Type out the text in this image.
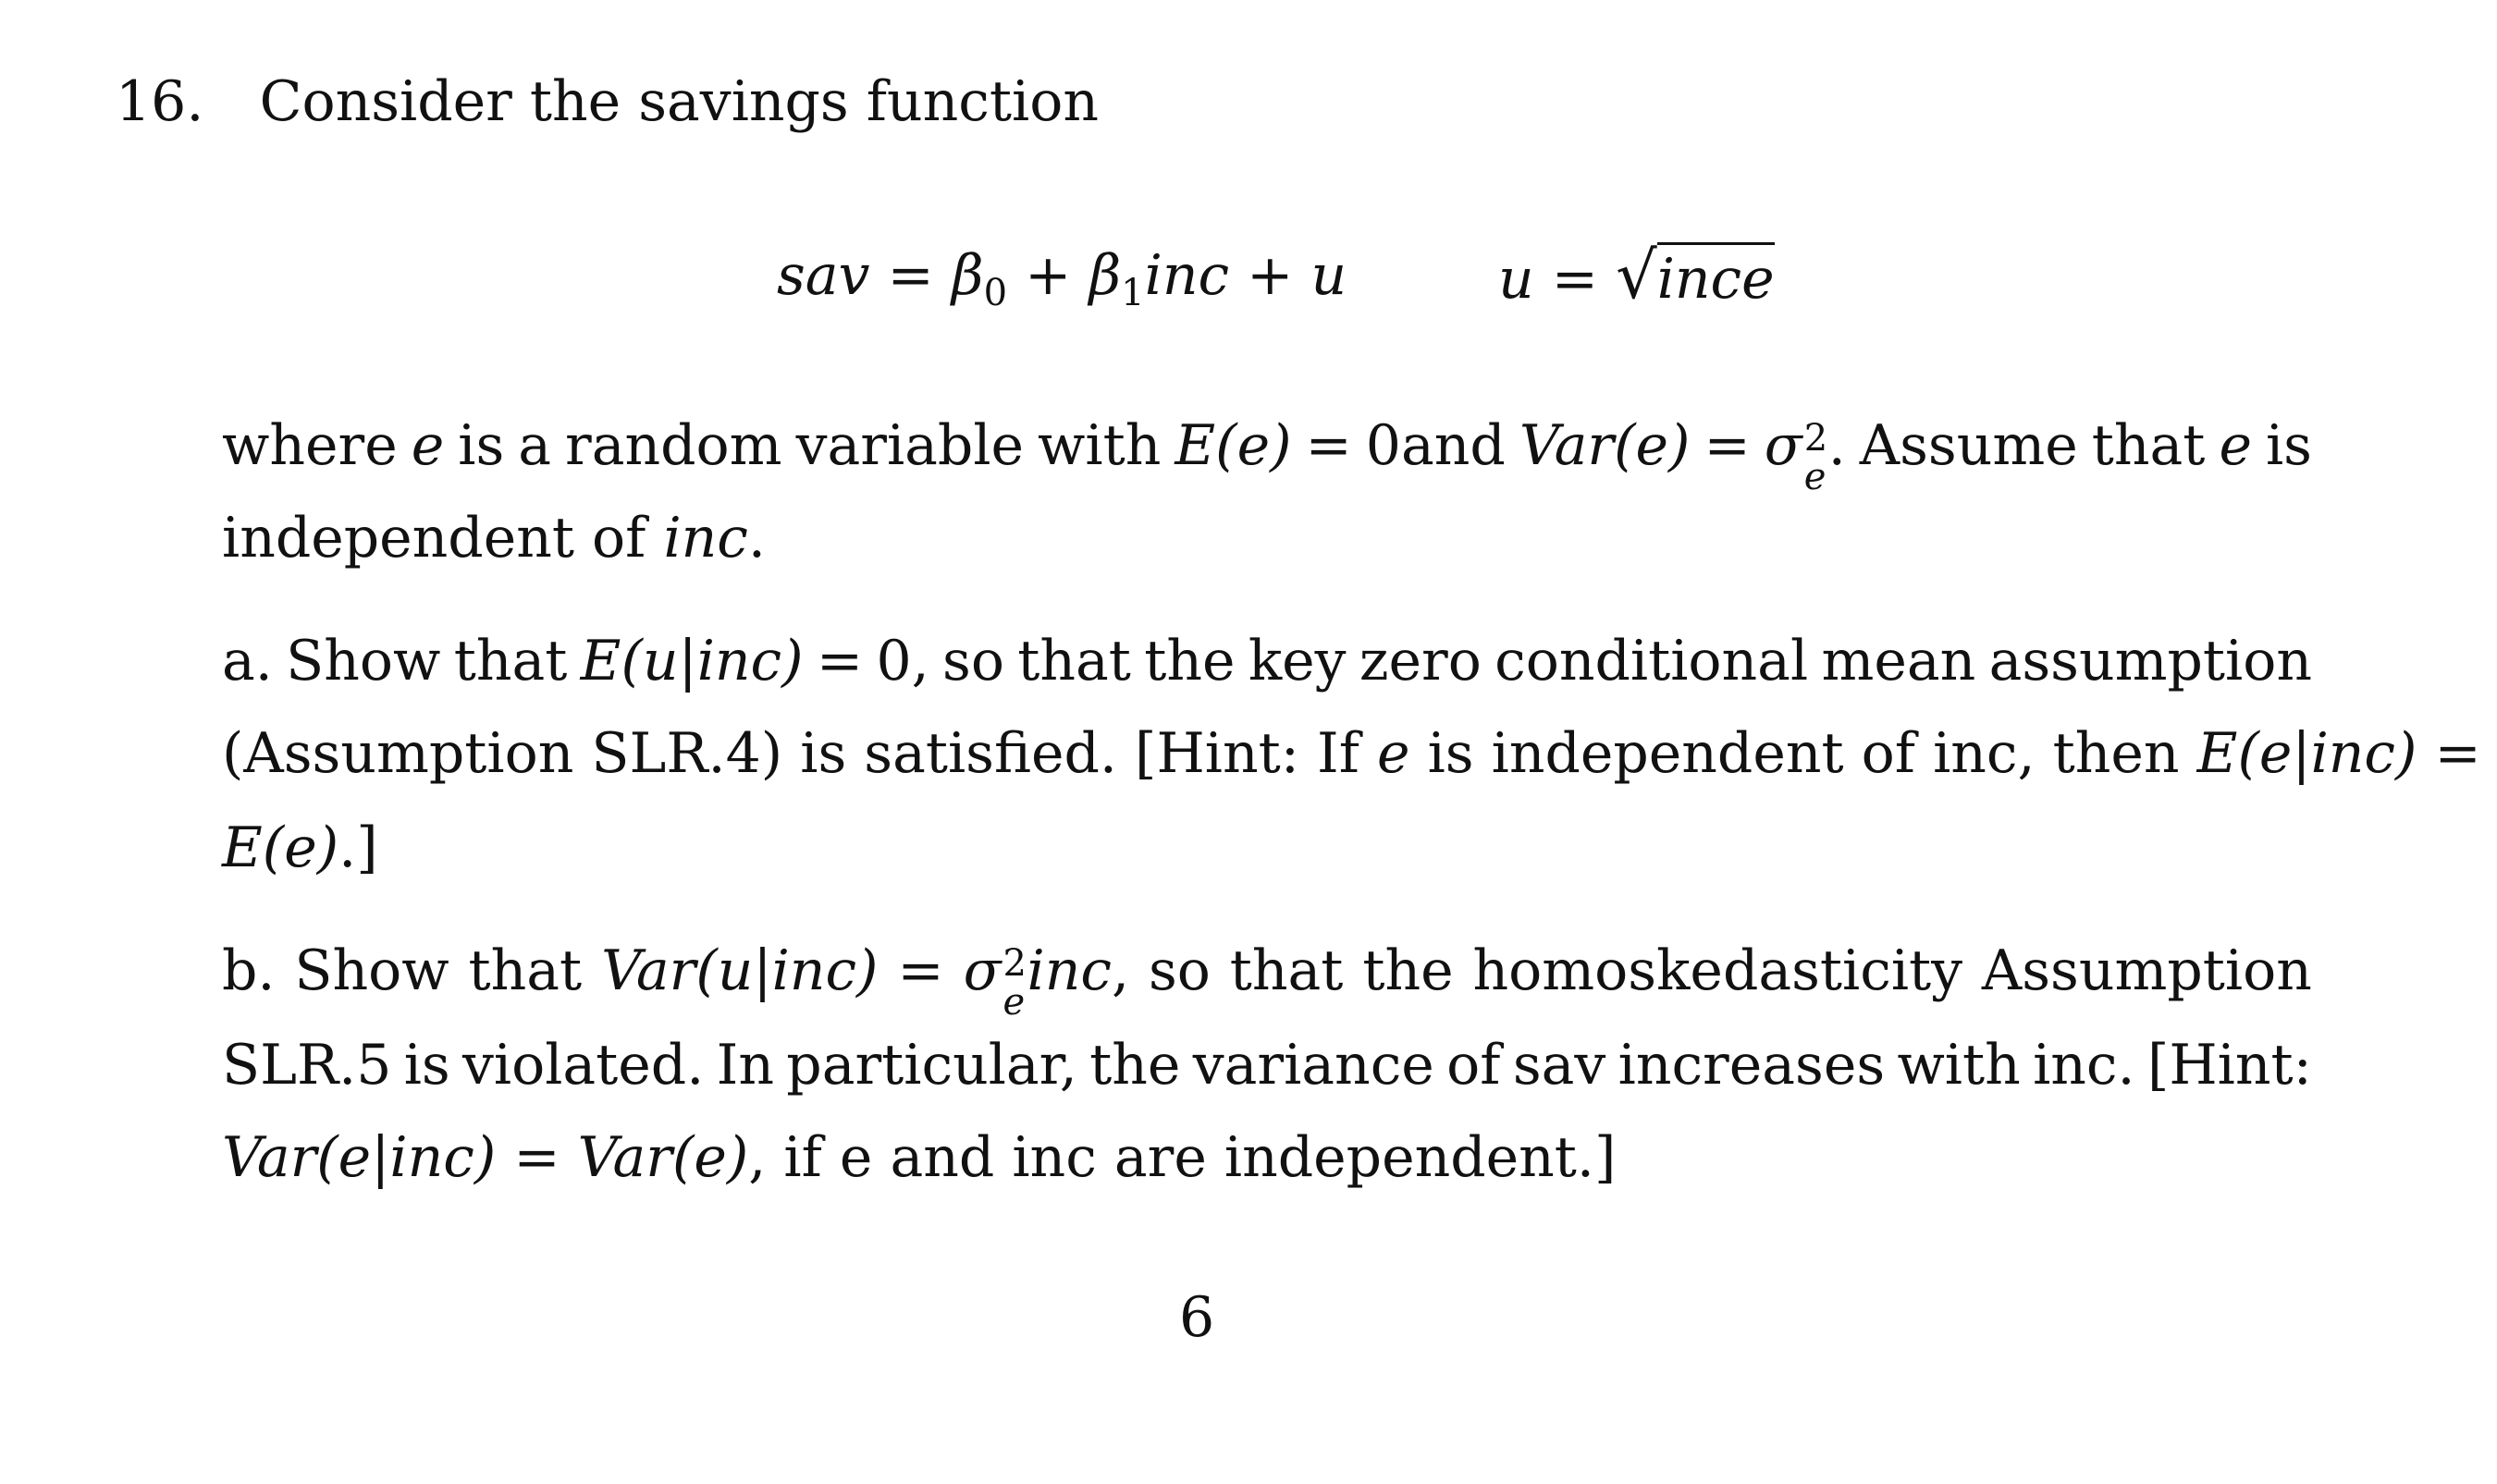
16. Consider the savings function
sav = $\beta_0 + \beta_1inc + u$	u = √ince
where e is a random variable with E(e) = 0and Var(e) = σ 2
e . Assume that e is
independent of inc.
a. Show that E(u|inc) = 0, so that the key zero conditional mean assumption
(Assumption SLR.4) is satisfied. [Hint: If e is independent of inc, then E(e|inc) =
E(e).]
b. Show that Var(u|inc) = σ 2
e inc, so that the homoskedasticity Assumption
SLR.5 is violated. In particular, the variance of sav increases with inc. [Hint:
Var(e|inc) = Var(e), if e and inc are independent.]
6
